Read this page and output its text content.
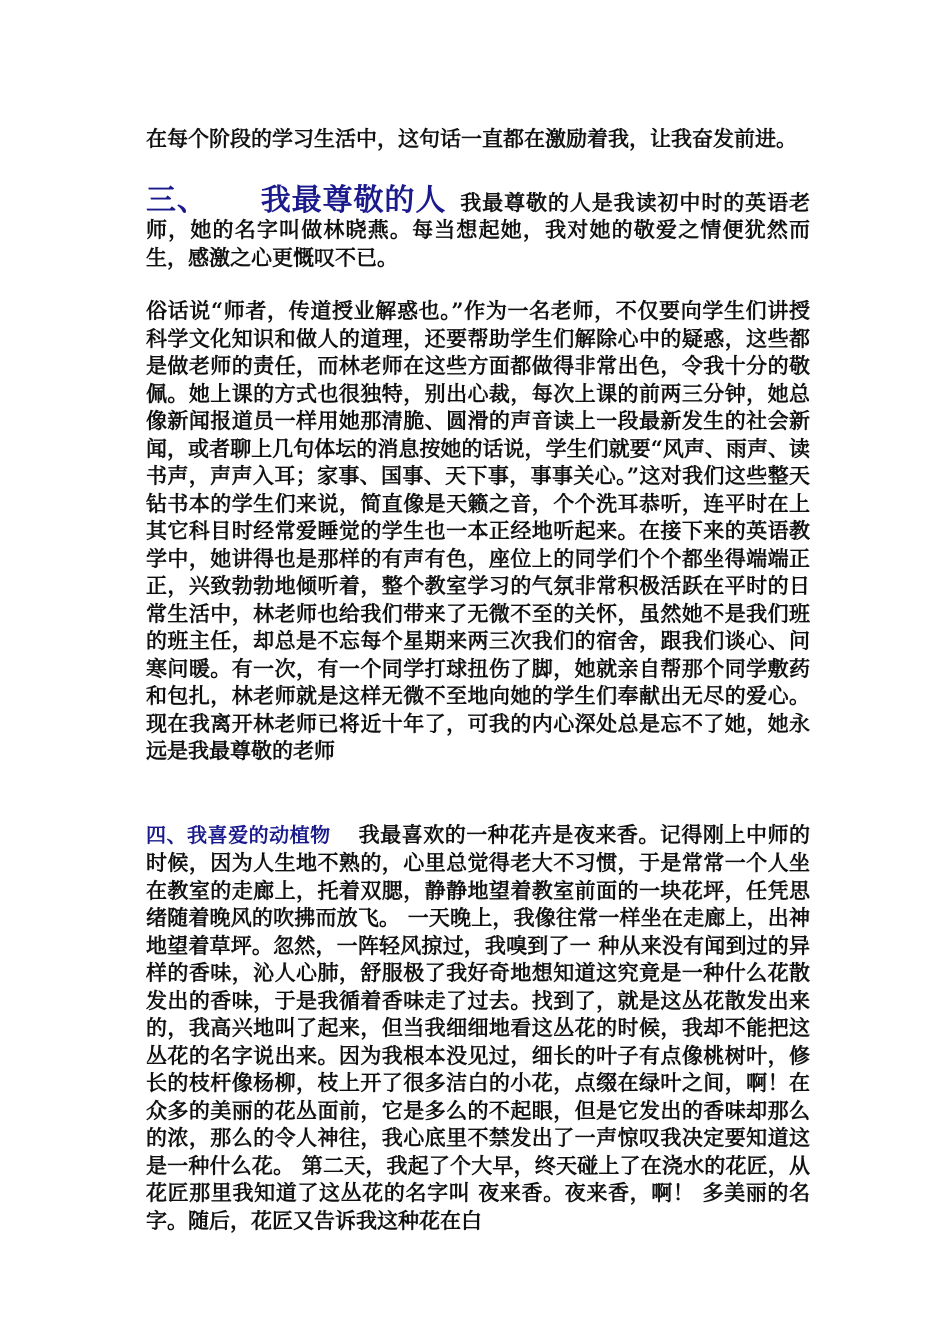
在每个阶段的学习生活中，这句话一直都在激励着我，让我奋发前进。

三、 我最尊敬的人 我最尊敬的人是我读初中时的英语老师，她的名字叫做林晓燕。每当想起她，我对她的敬爱之情便犹然而生，感激之心更慨叹不已。

俗话说“师者，传道授业解惑也。”作为一名老师，不仅要向学生们讲授科学文化知识和做人的道理，还要帮助学生们解除心中的疑惑，这些都是做老师的责任，而林老师在这些方面都做得非常出色，令我十分的敬佩。她上课的方式也很独特，别出心裁，每次上课的前两三分钟，她总像新闻报道员一样用她那清脆、圆滑的声音读上一段最新发生的社会新闻，或者聊上几句体坛的消息按她的话说，学生们就要“风声、雨声、读书声，声声入耳；家事、国事、天下事，事事关心。”这对我们这些整天钻书本的学生们来说，简直像是天籁之音，个个洗耳恭听，连平时在上其它科目时经常爱睡觉的学生也一本正经地听起来。在接下来的英语教学中，她讲得也是那样的有声有色，座位上的同学们个个都坐得端端正正，兴致勃勃地倾听着，整个教室学习的气氛非常积极活跃在平时的日常生活中，林老师也给我们带来了无微不至的关怀，虽然她不是我们班的班主任，却总是不忘每个星期来两三次我们的宿舍，跟我们谈心、问寒问暖。有一次，有一个同学打球扭伤了脚，她就亲自帮那个同学敷药和包扎，林老师就是这样无微不至地向她的学生们奉献出无尽的爱心。现在我离开林老师已将近十年了，可我的内心深处总是忘不了她，她永远是我最尊敬的老师

四、我喜爱的动植物 我最喜欢的一种花卉是夜来香。记得刚上中师的时候，因为人生地不熟的，心里总觉得老大不习惯，于是常常一个人坐在教室的走廊上，托着双腮，静静地望着教室前面的一块花坪，任凭思绪随着晚风的吹拂而放飞。 一天晚上，我像往常一样坐在走廊上，出神地望着草坪。忽然，一阵轻风掠过，我嗅到了一 种从来没有闻到过的异样的香味，沁人心肺，舒服极了我好奇地想知道这究竟是一种什么花散发出的香味，于是我循着香味走了过去。找到了，就是这丛花散发出来的，我高兴地叫了起来，但当我细细地看这丛花的时候，我却不能把这丛花的名字说出来。因为我根本没见过，细长的叶子有点像桃树叶，修长的枝杆像杨柳，枝上开了很多洁白的小花，点缀在绿叶之间，啊！在众多的美丽的花丛面前，它是多么的不起眼，但是它发出的香味却那么的浓，那么的令人神往，我心底里不禁发出了一声惊叹我决定要知道这是一种什么花。 第二天，我起了个大早，终天碰上了在浇水的花匠，从花匠那里我知道了这丛花的名字叫 夜来香。夜来香，啊！ 多美丽的名字。随后，花匠又告诉我这种花在白
